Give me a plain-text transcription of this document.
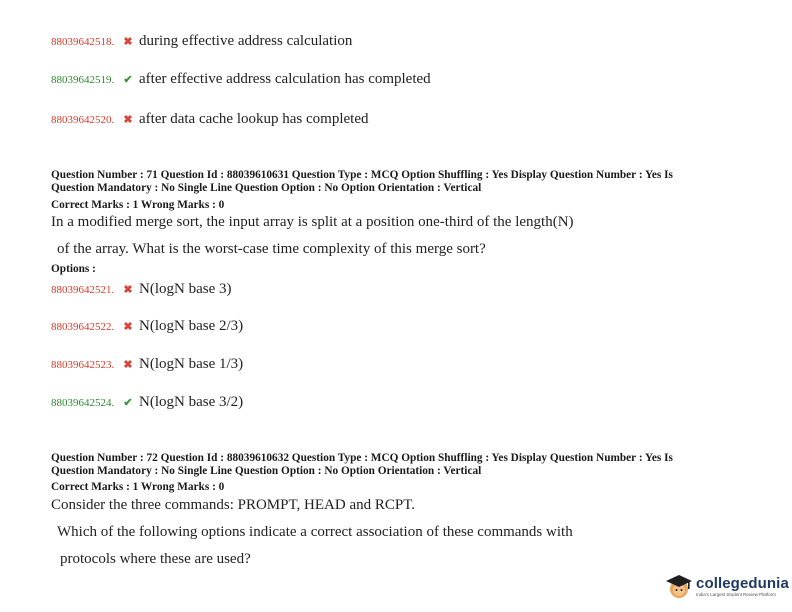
88039642518. ✖ during effective address calculation
88039642519. ✔ after effective address calculation has completed
88039642520. ✖ after data cache lookup has completed
Question Number : 71 Question Id : 88039610631 Question Type : MCQ Option Shuffling : Yes Display Question Number : Yes Is
Question Mandatory : No Single Line Question Option : No Option Orientation : Vertical
Correct Marks : 1 Wrong Marks : 0
In a modified merge sort, the input array is split at a position one-third of the length(N)
of the array. What is the worst-case time complexity of this merge sort?
Options :
88039642521. ✖ N(logN base 3)
88039642522. ✖ N(logN base 2/3)
88039642523. ✖ N(logN base 1/3)
88039642524. ✔ N(logN base 3/2)
Question Number : 72 Question Id : 88039610632 Question Type : MCQ Option Shuffling : Yes Display Question Number : Yes Is
Question Mandatory : No Single Line Question Option : No Option Orientation : Vertical
Correct Marks : 1 Wrong Marks : 0
Consider the three commands: PROMPT, HEAD and RCPT.
Which of the following options indicate a correct association of these commands with
protocols where these are used?
collegedunia
India's Largest Student Review Platform
